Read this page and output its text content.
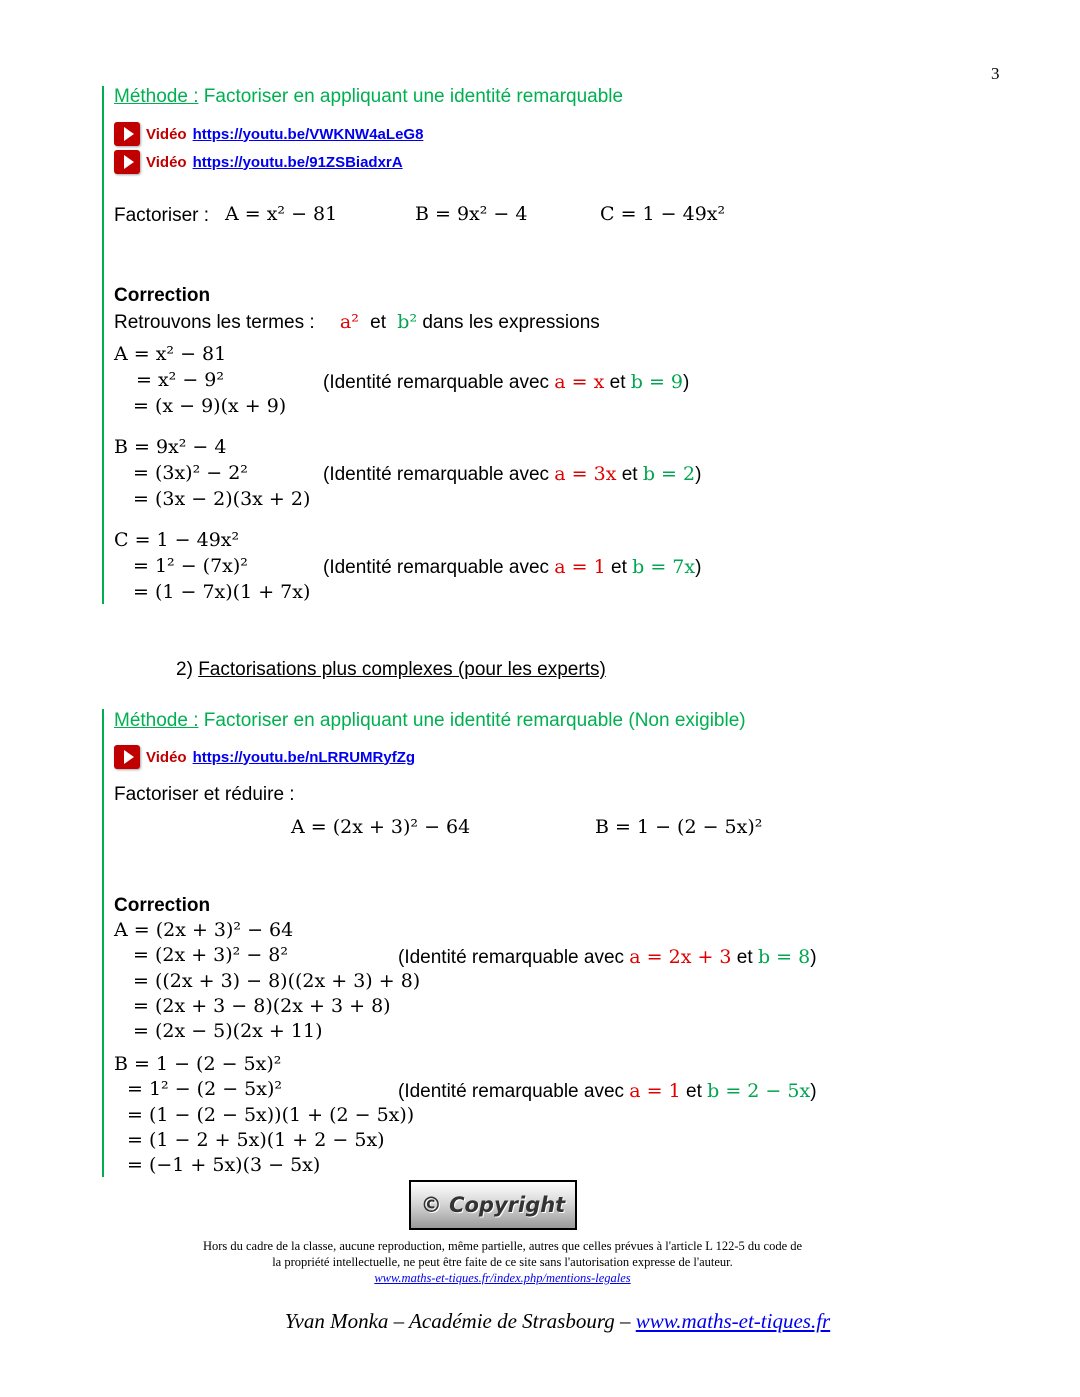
3
Méthode : Factoriser en appliquant une identité remarquable
Vidéo https://youtu.be/VWKNW4aLeG8
Vidéo https://youtu.be/91ZSBiadxrA
Factoriser : A = x² − 81	B = 9x² − 4	C = 1 − 49x²
Correction
Retrouvons les termes : a² et b² dans les expressions
A = x² − 81
= x² − 9²
= (x − 9)(x + 9)
(Identité remarquable avec a = x et b = 9)
B = 9x² − 4
= (3x)² − 2²
= (3x − 2)(3x + 2)
(Identité remarquable avec a = 3x et b = 2)
C = 1 − 49x²
= 1² − (7x)²
= (1 − 7x)(1 + 7x)
(Identité remarquable avec a = 1 et b = 7x)
2) Factorisations plus complexes (pour les experts)
Méthode : Factoriser en appliquant une identité remarquable (Non exigible)
Vidéo https://youtu.be/nLRRUMRyfZg
Factoriser et réduire :
A = (2x + 3)² − 64	B = 1 − (2 − 5x)²
Correction
A = (2x + 3)² − 64
= (2x + 3)² − 8²
= ((2x + 3) − 8)((2x + 3) + 8)
= (2x + 3 − 8)(2x + 3 + 8)
= (2x − 5)(2x + 11)
(Identité remarquable avec a = 2x + 3 et b = 8)
B = 1 − (2 − 5x)²
= 1² − (2 − 5x)²
= (1 − (2 − 5x))(1 + (2 − 5x))
= (1 − 2 + 5x)(1 + 2 − 5x)
= (−1 + 5x)(3 − 5x)
(Identité remarquable avec a = 1 et b = 2 − 5x)
© Copyright
Hors du cadre de la classe, aucune reproduction, même partielle, autres que celles prévues à l'article L 122-5 du code de
la propriété intellectuelle, ne peut être faite de ce site sans l'autorisation expresse de l'auteur.
www.maths-et-tiques.fr/index.php/mentions-legales
Yvan Monka – Académie de Strasbourg – www.maths-et-tiques.fr
